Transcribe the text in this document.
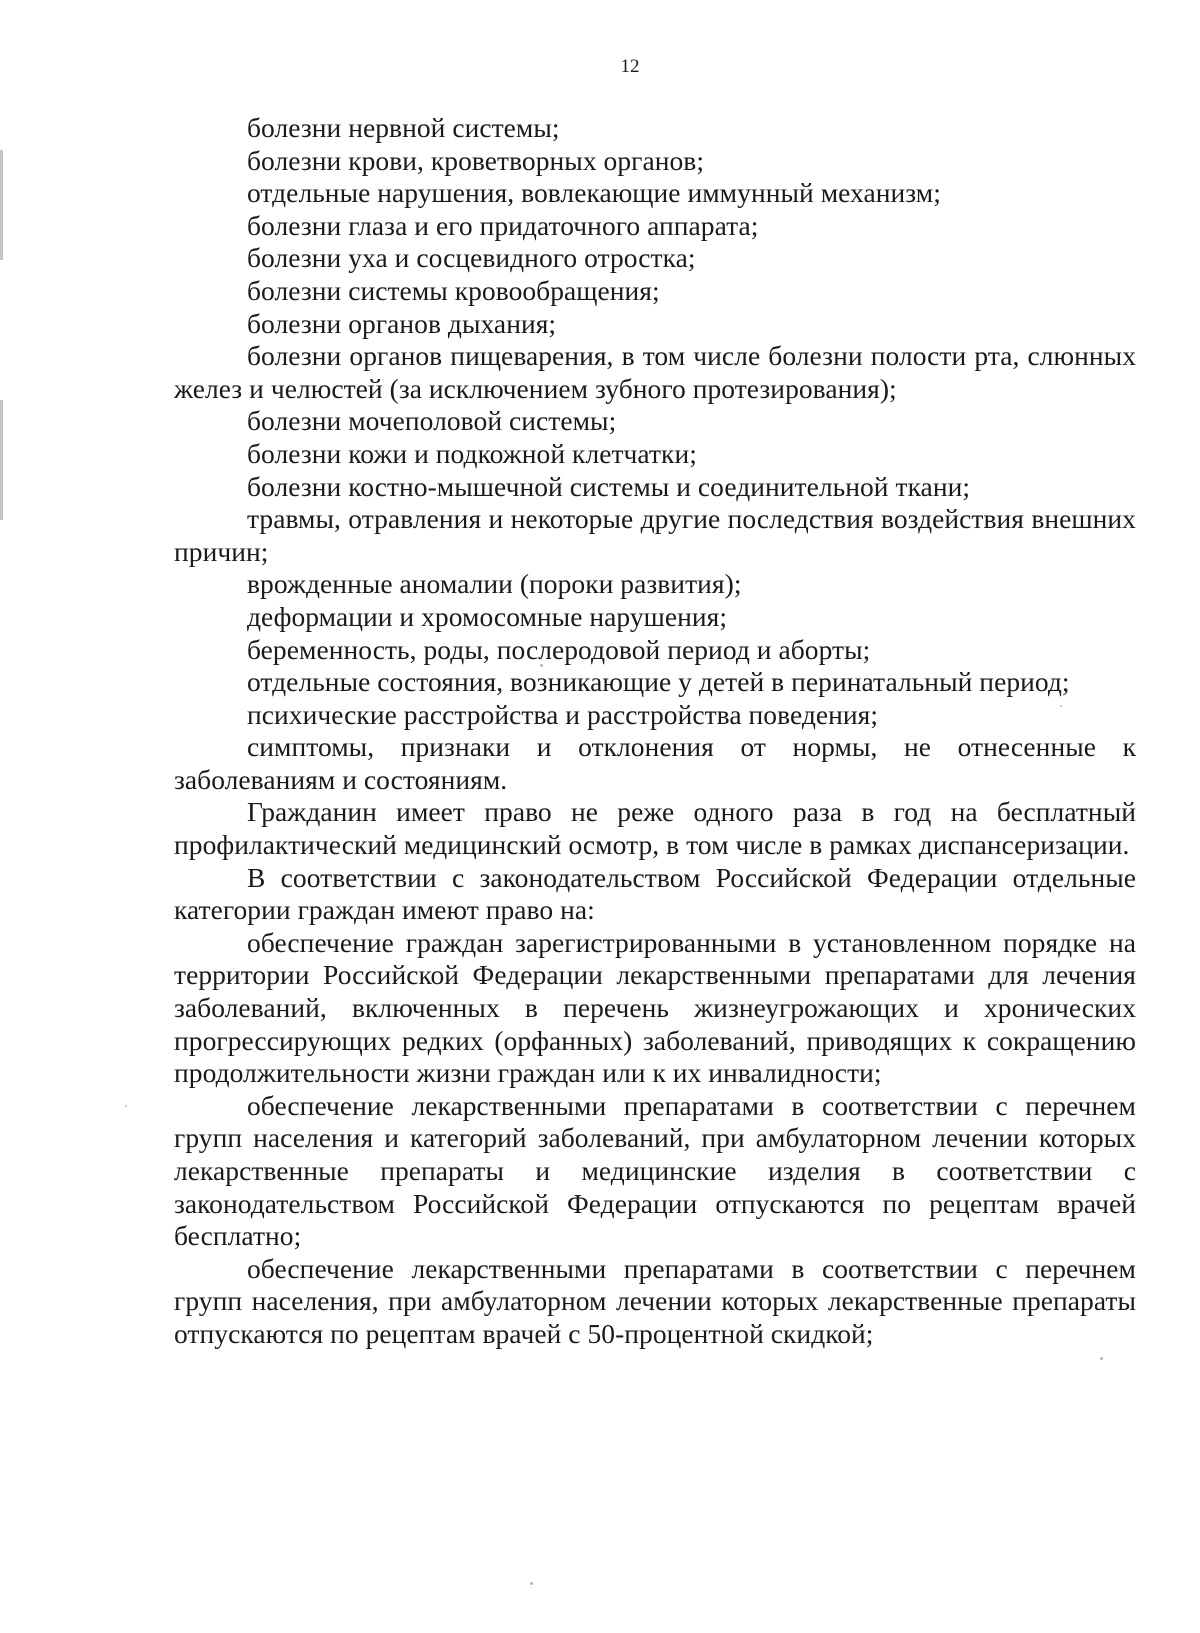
12

болезни нервной системы;

болезни крови, кроветворных органов;

отдельные нарушения, вовлекающие иммунный механизм;

болезни глаза и его придаточного аппарата;

болезни уха и сосцевидного отростка;

болезни системы кровообращения;

болезни органов дыхания;

болезни органов пищеварения, в том числе болезни полости рта, слюнных желез и челюстей (за исключением зубного протезирования);

болезни мочеполовой системы;

болезни кожи и подкожной клетчатки;

болезни костно-мышечной системы и соединительной ткани;

травмы, отравления и некоторые другие последствия воздействия внешних причин;

врожденные аномалии (пороки развития);

деформации и хромосомные нарушения;

беременность, роды, послеродовой период и аборты;

отдельные состояния, возникающие у детей в перинатальный период;

психические расстройства и расстройства поведения;

симптомы, признаки и отклонения от нормы, не отнесенные к заболеваниям и состояниям.

Гражданин имеет право не реже одного раза в год на бесплатный профилактический медицинский осмотр, в том числе в рамках диспансеризации.

В соответствии с законодательством Российской Федерации отдельные категории граждан имеют право на:

обеспечение граждан зарегистрированными в установленном порядке на территории Российской Федерации лекарственными препаратами для лечения заболеваний, включенных в перечень жизнеугрожающих и хронических прогрессирующих редких (орфанных) заболеваний, приводящих к сокращению продолжительности жизни граждан или к их инвалидности;

обеспечение лекарственными препаратами в соответствии с перечнем групп населения и категорий заболеваний, при амбулаторном лечении которых лекарственные препараты и медицинские изделия в соответствии с законодательством Российской Федерации отпускаются по рецептам врачей бесплатно;

обеспечение лекарственными препаратами в соответствии с перечнем групп населения, при амбулаторном лечении которых лекарственные препараты отпускаются по рецептам врачей с 50-процентной скидкой;
